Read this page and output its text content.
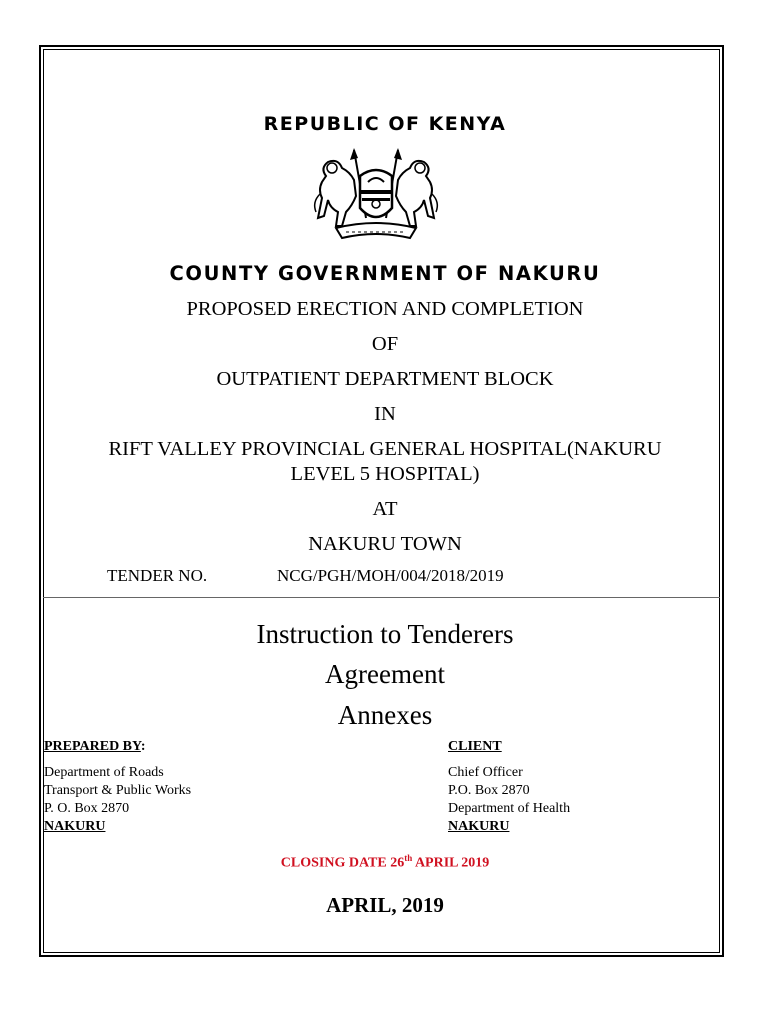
REPUBLIC OF KENYA
COUNTY GOVERNMENT OF NAKURU
PROPOSED ERECTION AND COMPLETION
OF
OUTPATIENT DEPARTMENT BLOCK
IN
RIFT VALLEY PROVINCIAL GENERAL HOSPITAL(NAKURU
LEVEL 5 HOSPITAL)
AT
NAKURU TOWN
TENDER NO.	NCG/PGH/MOH/004/2018/2019
Instruction to Tenderers
Agreement
Annexes
PREPARED BY:
Department of Roads
Transport & Public Works
P. O. Box 2870
NAKURU
CLIENT
Chief Officer
P.O. Box 2870
Department of Health
NAKURU
CLOSING DATE 26th APRIL 2019
APRIL, 2019
